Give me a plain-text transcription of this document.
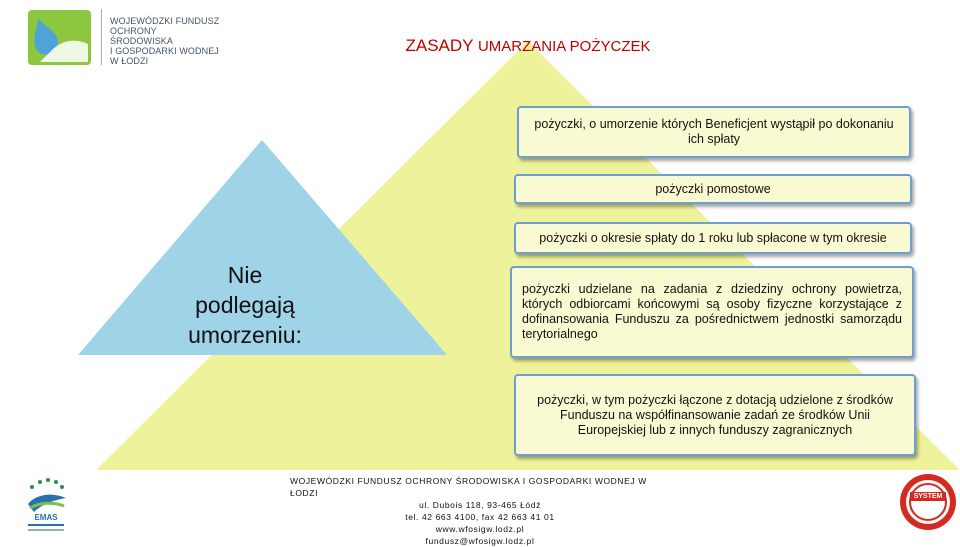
WOJEWÓDZKI FUNDUSZ
OCHRONY ŚRODOWISKA
I GOSPODARKI WODNEJ
W ŁODZI
ZASADY UMARZANIA POŻYCZEK
Nie
podlegają
umorzeniu:
pożyczki, o umorzenie których Beneficjent wystąpił po dokonaniu ich spłaty
pożyczki pomostowe
pożyczki o okresie spłaty do 1 roku lub spłacone w tym okresie
pożyczki udzielane na zadania z dziedziny ochrony powietrza, których odbiorcami końcowymi są osoby fizyczne korzystające z dofinansowania Funduszu za pośrednictwem jednostki samorządu terytorialnego
pożyczki, w tym pożyczki łączone z dotacją udzielone z środków Funduszu na współfinansowanie zadań ze środków Unii Europejskiej lub z innych funduszy zagranicznych
WOJEWÓDZKI FUNDUSZ OCHRONY ŚRODOWISKA I GOSPODARKI WODNEJ W ŁODZI
ul. Dubois 118, 93-465 Łódź
tel. 42 663 4100, fax 42 663 41 01
www.wfosigw.lodz.pl
fundusz@wfosigw.lodz.pl
EMAS
SYSTEM
